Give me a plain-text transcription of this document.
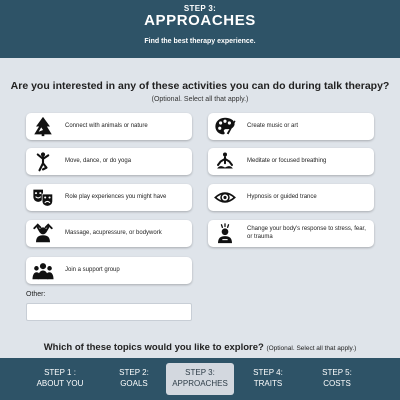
STEP 3:
APPROACHES
Find the best therapy experience.
Are you interested in any of these activities you can do during talk therapy?
(Optional. Select all that apply.)
Connect with animals or nature	Create music or art
Move, dance, or do yoga	Meditate or focused breathing
Role play experiences you might have	Hypnosis or guided trance
Massage, acupressure, or bodywork
Change your body's response to stress, fear, or trauma
Join a support group
Other:
Which of these topics would you like to explore? (Optional. Select all that apply.)
STEP 1 :
ABOUT YOU
STEP 2:
GOALS
STEP 3:
APPROACHES
STEP 4:
TRAITS
STEP 5:
COSTS
